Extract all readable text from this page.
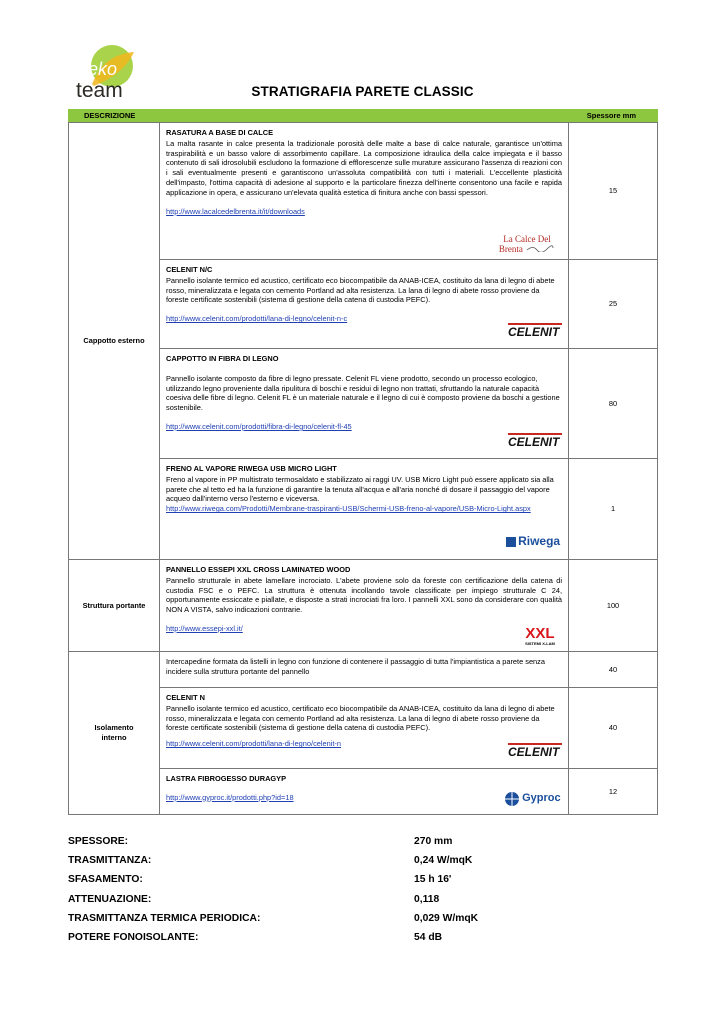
eko
team	STRATIGRAFIA PARETE CLASSIC
DESCRIZIONE	Spessore mm
Cappotto esterno	RASATURA A BASE DI CALCE
La malta rasante in calce presenta la tradizionale porosità delle malte a base di calce naturale, garantisce un'ottima traspirabilità e un basso valore di assorbimento capillare. La composizione idraulica della calce impiegata e il basso contenuto di sali idrosolubili escludono la formazione di efflorescenze sulle murature assicurano l'assenza di reazioni con i sali eventualmente presenti e garantiscono un'assoluta compatibilità con tutti i materiali. L'eccellente plasticità dell'impasto, l'ottima capacità di adesione al supporto e la particolare finezza dell'inerte consentono una facile e rapida applicazione in opera, e assicurano un'elevata qualità estetica di finitura anche con bassi spessori.
http://www.lacalcedelbrenta.it/it/downloads
La Calce Del Brenta	15

	CELENIT N/C
Pannello isolante termico ed acustico, certificato eco biocompatibile da ANAB-ICEA, costituito da lana di legno di abete rosso, mineralizzata e legata con cemento Portland ad alta resistenza. La lana di legno di abete rosso proviene da foreste certificate sostenibili (sistema di gestione della catena di custodia PEFC).
http://www.celenit.com/prodotti/lana-di-legno/celenit-n-c
CELENIT	25

	CAPPOTTO IN FIBRA DI LEGNO
Pannello isolante composto da fibre di legno pressate. Celenit FL viene prodotto, secondo un processo ecologico, utilizzando legno proveniente dalla ripulitura di boschi e residui di legno non trattati, sfruttando la naturale capacità coesiva delle fibre di legno. Celenit FL è un materiale naturale e il legno di cui è composto proviene da boschi a gestione sostenibile.
http://www.celenit.com/prodotti/fibra-di-legno/celenit-fl-45
CELENIT	80

	FRENO AL VAPORE RIWEGA USB MICRO LIGHT
Freno al vapore in PP multistrato termosaldato e stabilizzato ai raggi UV. USB Micro Light può essere applicato sia alla parete che al tetto ed ha la funzione di garantire la tenuta all'acqua e all'aria nonché di dosare il passaggio del vapore acqueo dall'interno verso l'esterno e viceversa.
http://www.riwega.com/Prodotti/Membrane-traspiranti-USB/Schermi-USB-freno-al-vapore/USB-Micro-Light.aspx
Riwega	1
Struttura portante	PANNELLO ESSEPI XXL CROSS LAMINATED WOOD
Pannello strutturale in abete lamellare incrociato. L'abete proviene solo da foreste con certificazione della catena di custodia FSC e o PEFC. La struttura è ottenuta incollando tavole classificate per impiego strutturale C 24, opportunamente essiccate e piallate, e disposte a strati incrociati fra loro. I pannelli XXL sono da considerare con qualità NON A VISTA, salvo indicazioni contrarie.
http://www.essepi-xxl.it/ XXL
SISTEMI X-LAM	100
Isolamento interno	Intercapedine formata da listelli in legno con funzione di contenere il passaggio di tutta l'impiantistica a parete senza incidere sulla struttura portante del pannello	40

	CELENIT N
Pannello isolante termico ed acustico, certificato eco biocompatibile da ANAB-ICEA, costituito da lana di legno di abete rosso, mineralizzata e legata con cemento Portland ad alta resistenza. La lana di legno di abete rosso proviene da foreste certificate sostenibili (sistema di gestione della catena di custodia PEFC).
http://www.celenit.com/prodotti/lana-di-legno/celenit-n
CELENIT	40

	LASTRA FIBROGESSO DURAGYP
http://www.gyproc.it/prodotti.php?id=18 Gyproc	12
SPESSORE:	270 mm
TRASMITTANZA:	0,24 W/mqK
SFASAMENTO:	15 h 16'
ATTENUAZIONE:	0,118
TRASMITTANZA TERMICA PERIODICA:	0,029 W/mqK
POTERE FONOISOLANTE:	54 dB
